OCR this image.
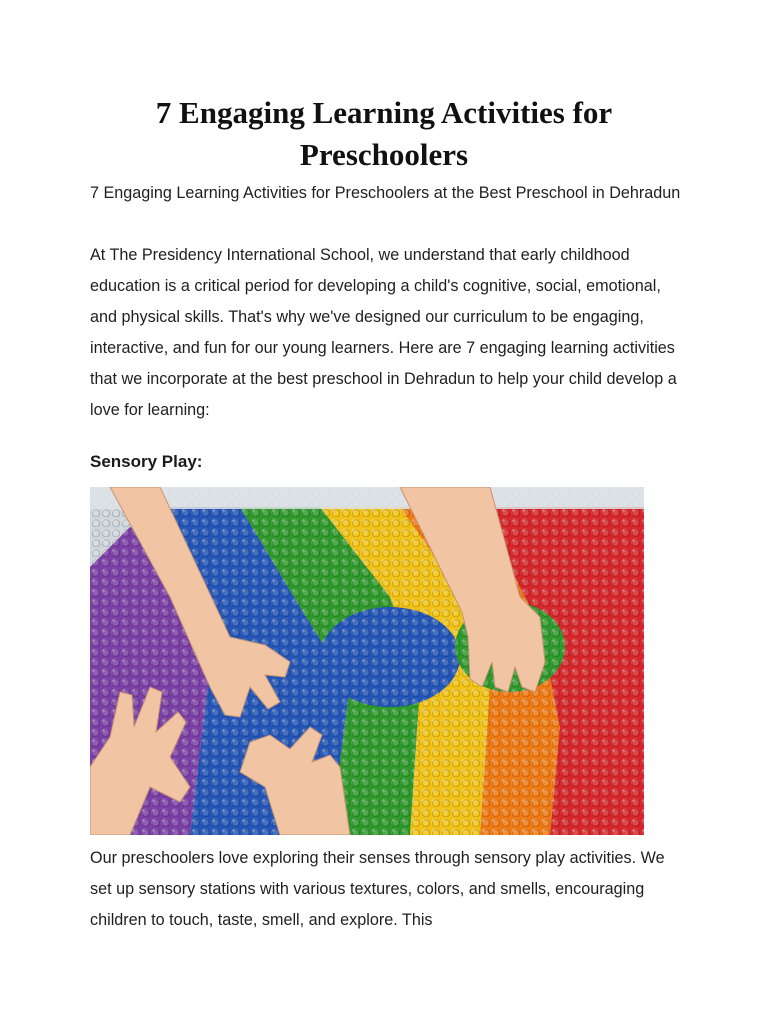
7 Engaging Learning Activities for Preschoolers

7 Engaging Learning Activities for Preschoolers at the Best Preschool in Dehradun

At The Presidency International School, we understand that early childhood education is a critical period for developing a child's cognitive, social, emotional, and physical skills. That's why we've designed our curriculum to be engaging, interactive, and fun for our young learners. Here are 7 engaging learning activities that we incorporate at the best preschool in Dehradun to help your child develop a love for learning:

Sensory Play:

Our preschoolers love exploring their senses through sensory play activities. We set up sensory stations with various textures, colors, and smells, encouraging children to touch, taste, smell, and explore. This
